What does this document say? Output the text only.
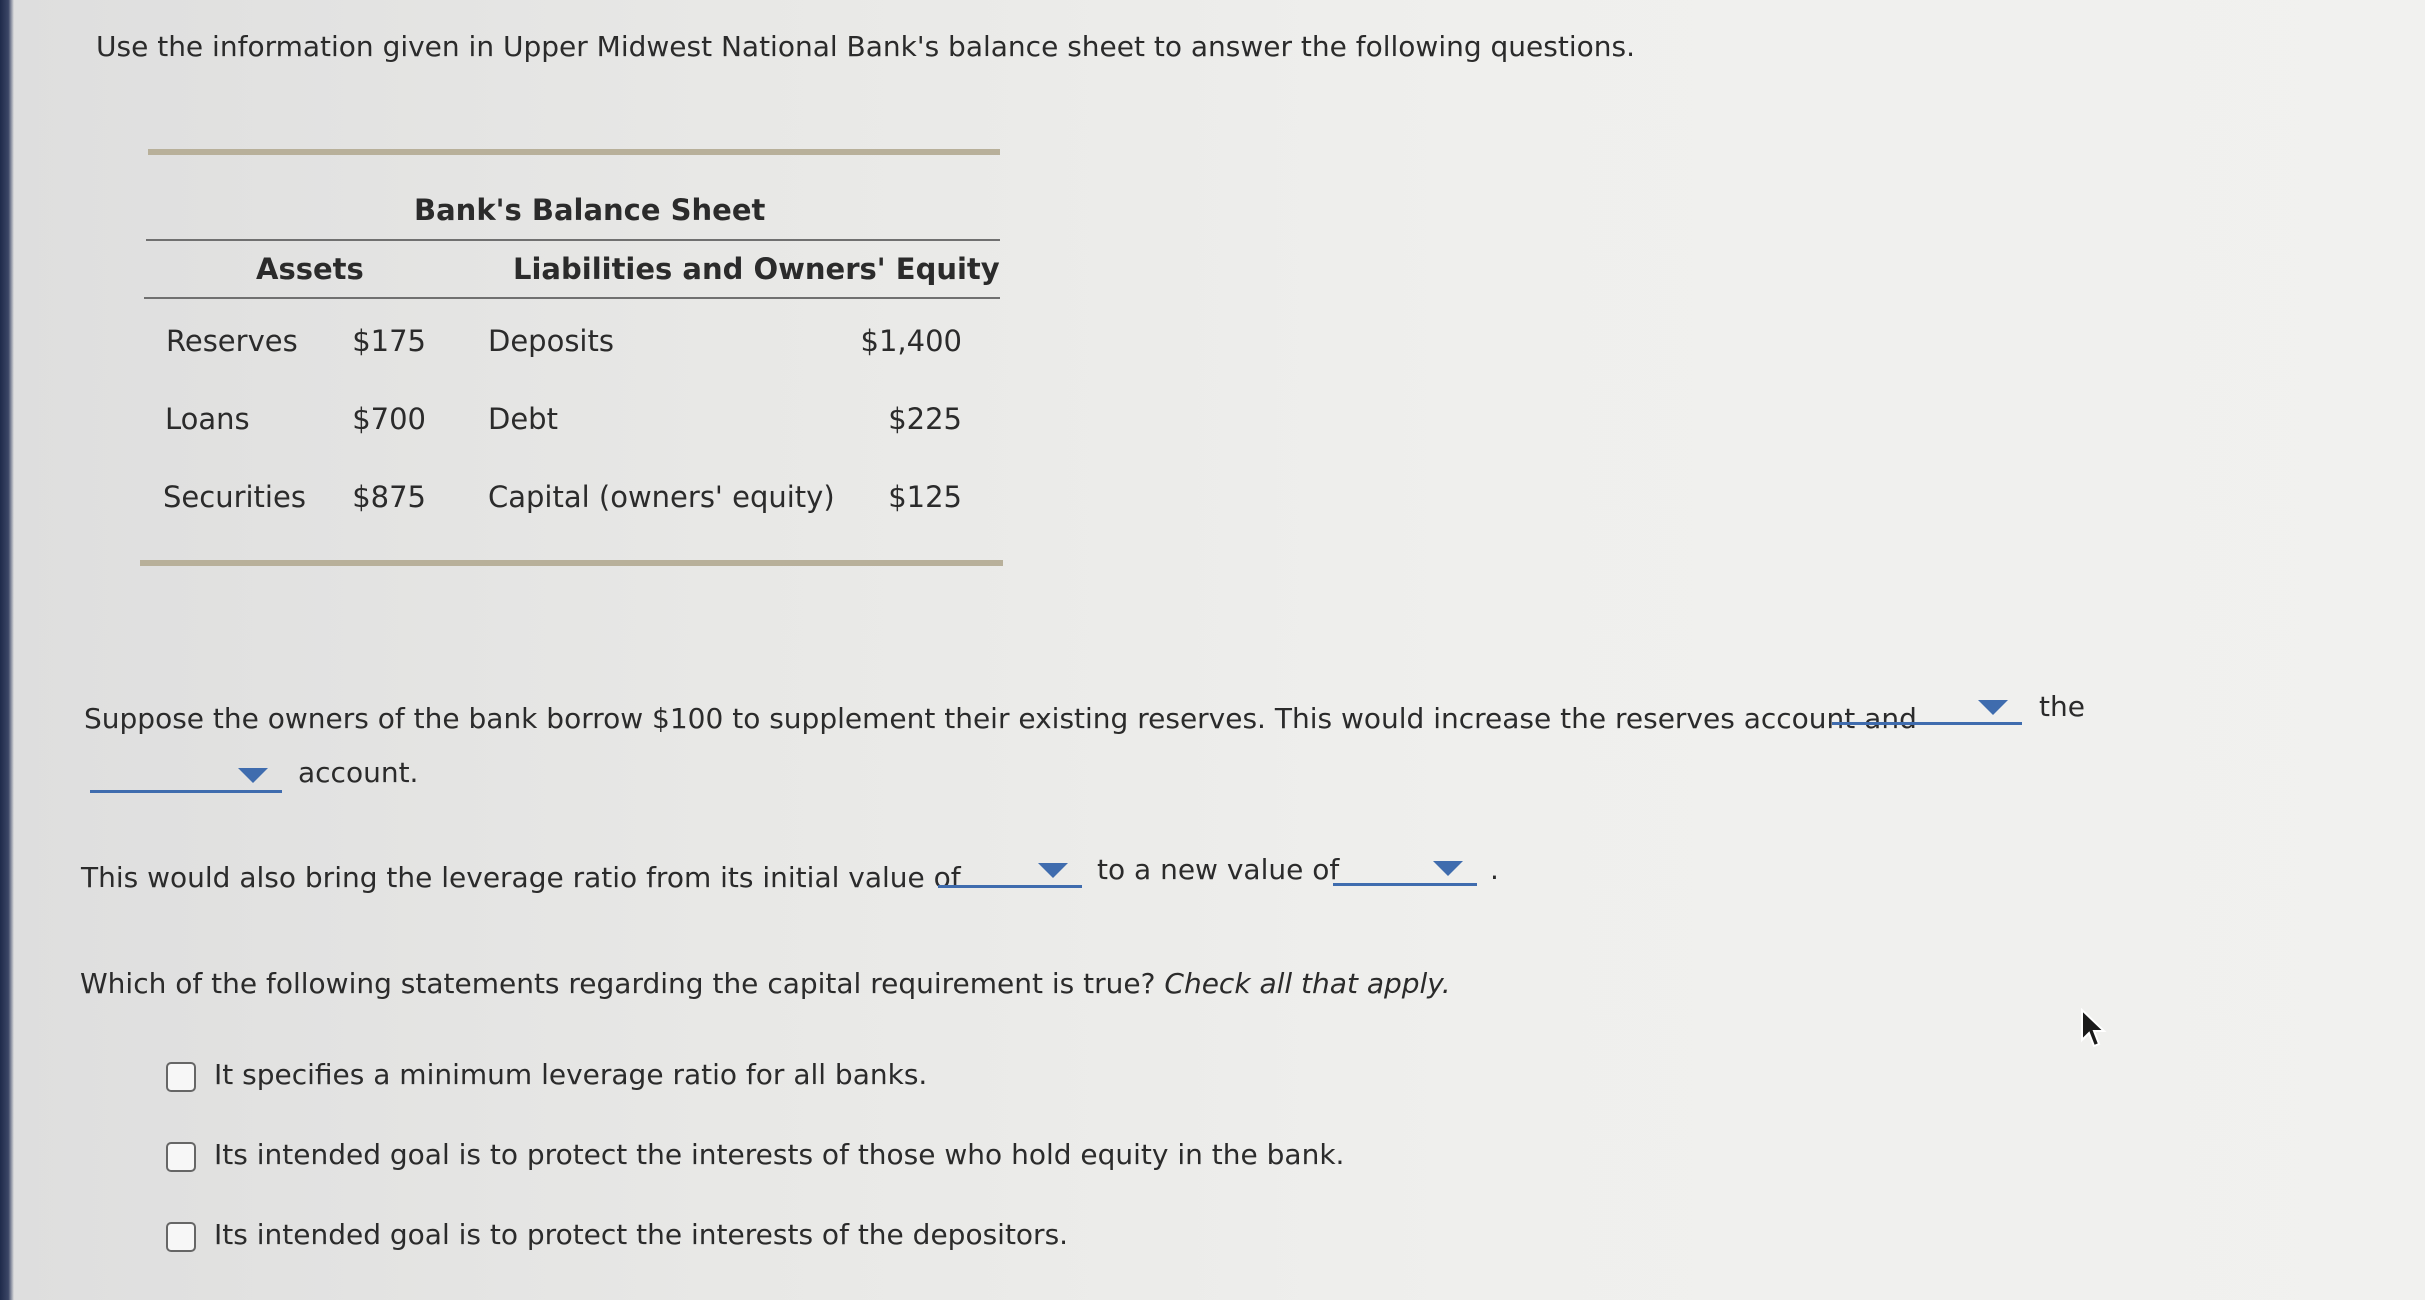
Use the information given in Upper Midwest National Bank's balance sheet to answer the following questions.
Bank's Balance Sheet
Assets	Liabilities and Owners' Equity
Reserves	$175 Deposits	$1,400
Loans	$700 Debt	$225
Securities	$875 Capital (owners' equity)	$125
Suppose the owners of the bank borrow $100 to supplement their existing reserves. This would increase the reserves account and	the
account.
This would also bring the leverage ratio from its initial value of	to a new value of	.
Which of the following statements regarding the capital requirement is true? Check all that apply.
It specifies a minimum leverage ratio for all banks.
Its intended goal is to protect the interests of those who hold equity in the bank.
Its intended goal is to protect the interests of the depositors.
